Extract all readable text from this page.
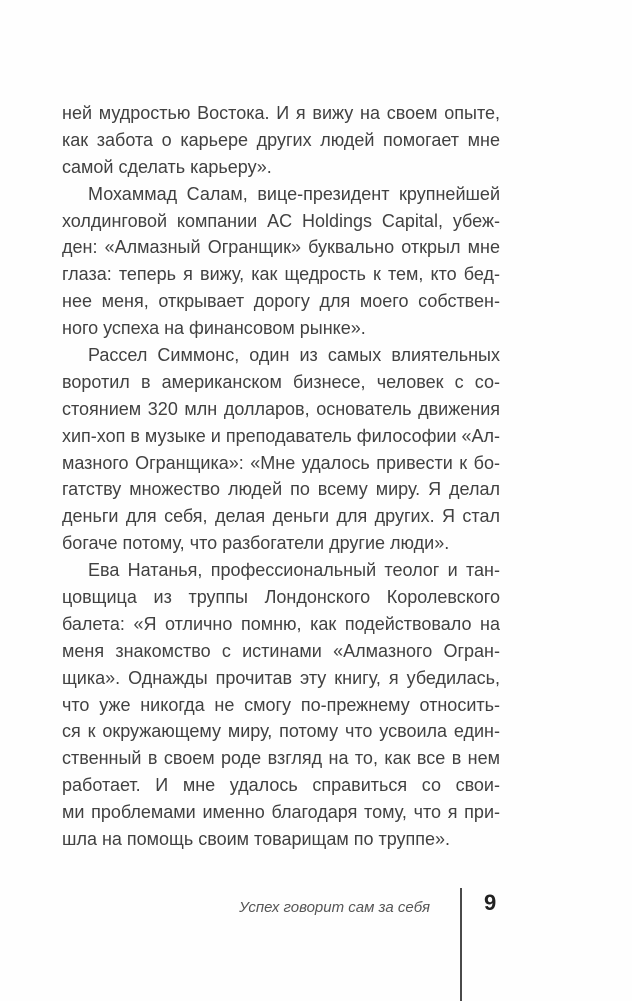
ней мудростью Востока. И я вижу на своем опыте,
как забота о карьере других людей помогает мне
самой сделать карьеру».
Мохаммад Салам, вице-президент крупнейшей
холдинговой компании AC Holdings Capital, убеж-
ден: «Алмазный Огранщик» буквально открыл мне
глаза: теперь я вижу, как щедрость к тем, кто бед-
нее меня, открывает дорогу для моего собствен-
ного успеха на финансовом рынке».
Рассел Симмонс, один из самых влиятельных
воротил в американском бизнесе, человек с со-
стоянием 320 млн долларов, основатель движения
хип-хоп в музыке и преподаватель философии «Ал-
мазного Огранщика»: «Мне удалось привести к бо-
гатству множество людей по всему миру. Я делал
деньги для себя, делая деньги для других. Я стал
богаче потому, что разбогатели другие люди».
Ева Натанья, профессиональный теолог и тан-
цовщица из труппы Лондонского Королевского
балета: «Я отлично помню, как подействовало на
меня знакомство с истинами «Алмазного Огран-
щика». Однажды прочитав эту книгу, я убедилась,
что уже никогда не смогу по-прежнему относить-
ся к окружающему миру, потому что усвоила един-
ственный в своем роде взгляд на то, как все в нем
работает. И мне удалось справиться со свои-
ми проблемами именно благодаря тому, что я при-
шла на помощь своим товарищам по труппе».
Успех говорит сам за себя 9
